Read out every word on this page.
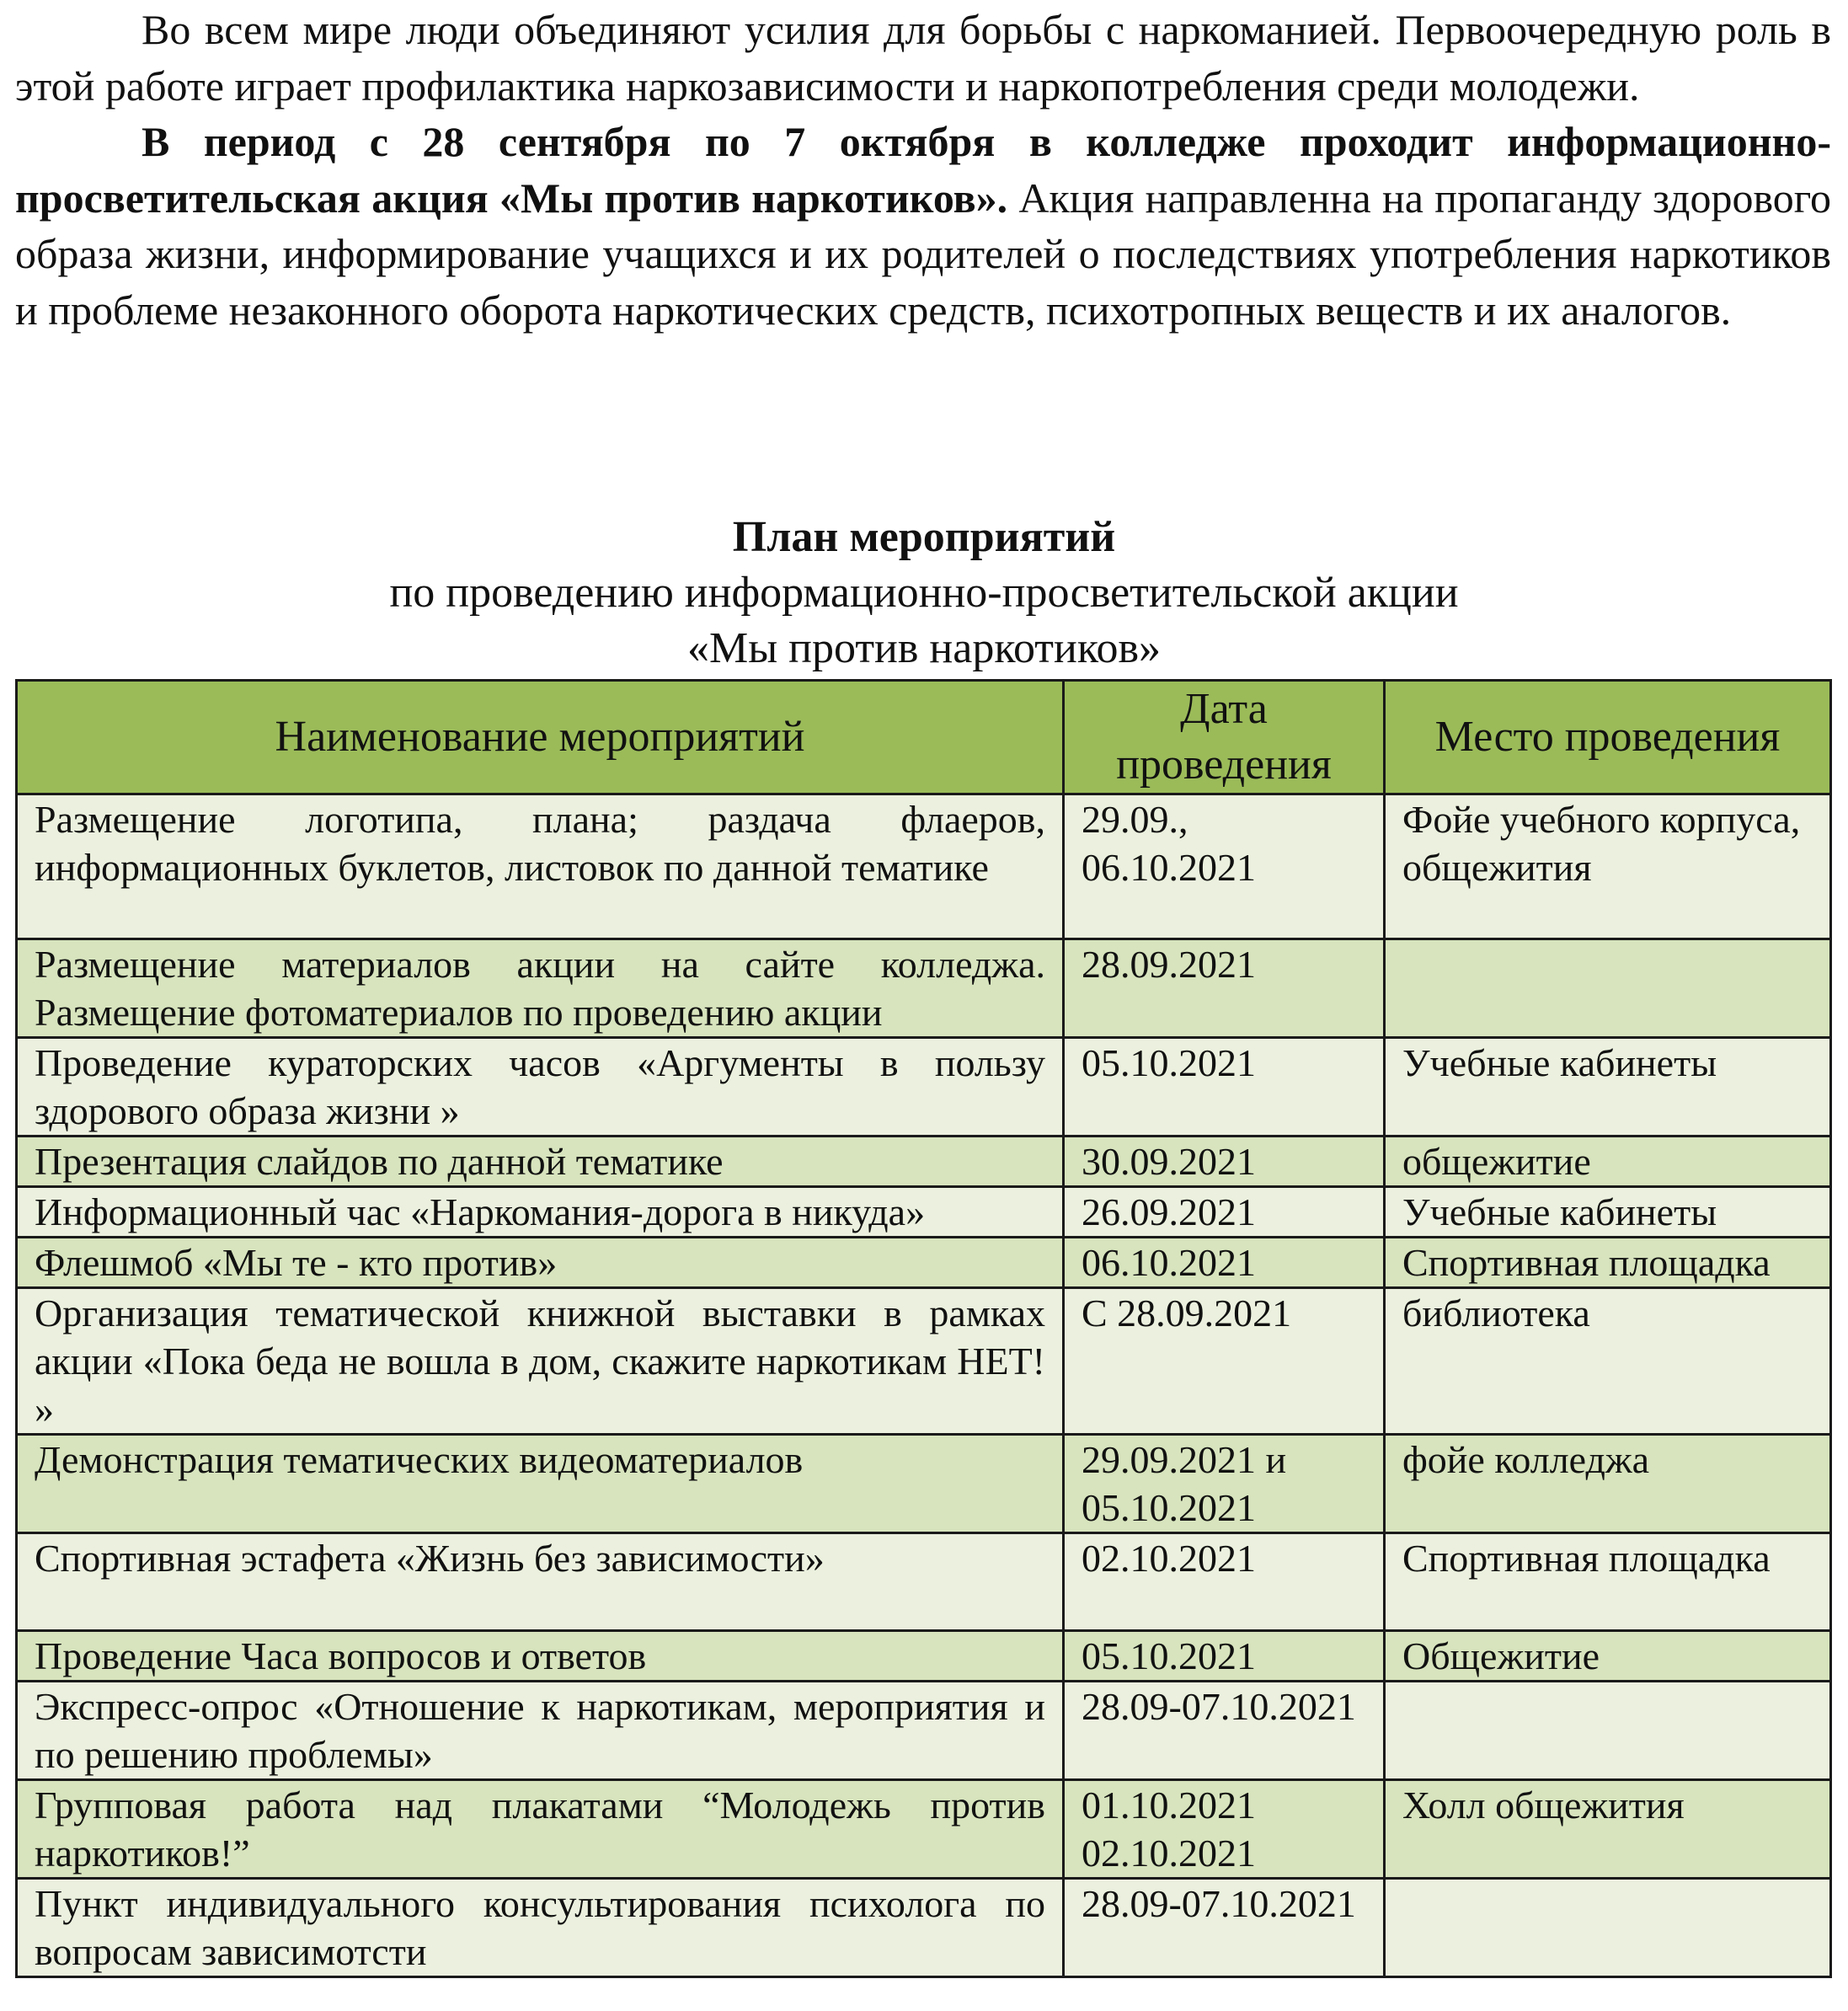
Во всем мире люди объединяют усилия для борьбы с наркоманией. Первоочередную роль в этой работе играет профилактика наркозависимости и наркопотребления среди молодежи.

В период с 28 сентября по 7 октября в колледже проходит информационно-просветительская акция «Мы против наркотиков». Акция направленна на пропаганду здорового образа жизни, информирование учащихся и их родителей о последствиях употребления наркотиков и проблеме незаконного оборота наркотических средств, психотропных веществ и их аналогов.

План мероприятий
по проведению информационно-просветительской акции
«Мы против наркотиков»
Наименование мероприятий	Дата проведения	Место проведения
Размещение логотипа, плана; раздача флаеров, информационных буклетов, листовок по данной тематике	29.09., 06.10.2021	Фойе учебного корпуса, общежития
Размещение материалов акции на сайте колледжа. Размещение фотоматериалов по проведению акции	28.09.2021	
Проведение кураторских часов «Аргументы в пользу здорового образа жизни »	05.10.2021	Учебные кабинеты
Презентация слайдов по данной тематике	30.09.2021	общежитие
Информационный час «Наркомания-дорога в никуда»	26.09.2021	Учебные кабинеты
Флешмоб «Мы те - кто против»	06.10.2021	Спортивная площадка
Организация тематической книжной выставки в рамках акции «Пока беда не вошла в дом, скажите наркотикам НЕТ! »	С 28.09.2021	библиотека
Демонстрация тематических видеоматериалов	29.09.2021 и 05.10.2021	фойе колледжа
Спортивная эстафета «Жизнь без зависимости»	02.10.2021	Спортивная площадка
Проведение Часа вопросов и ответов	05.10.2021	Общежитие
Экспресс-опрос «Отношение к наркотикам, мероприятия и по решению проблемы»	28.09-07.10.2021	
Групповая работа над плакатами “Молодежь против наркотиков!”	01.10.2021 02.10.2021	Холл общежития
Пункт индивидуального консультирования психолога по вопросам зависимотсти	28.09-07.10.2021	
